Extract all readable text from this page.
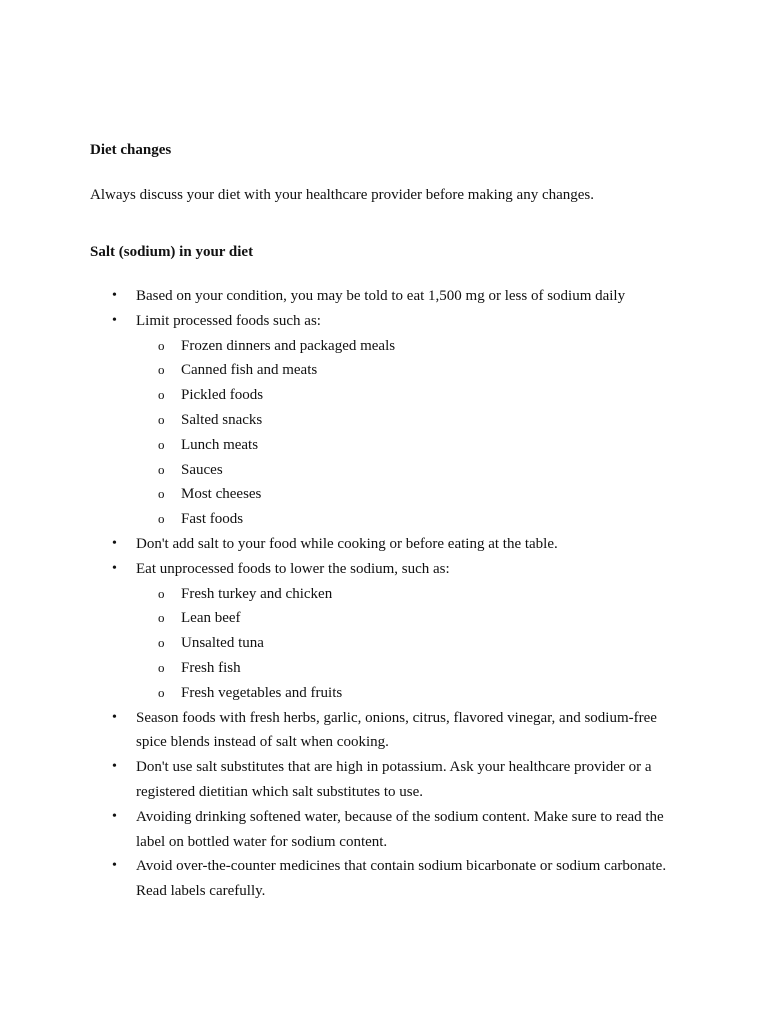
Diet changes

Always discuss your diet with your healthcare provider before making any changes.

Salt (sodium) in your diet
• Based on your condition, you may be told to eat 1,500 mg or less of sodium daily
• Limit processed foods such as:
o Frozen dinners and packaged meals
o Canned fish and meats
o Pickled foods
o Salted snacks
o Lunch meats
o Sauces
o Most cheeses
o Fast foods
• Don't add salt to your food while cooking or before eating at the table.
• Eat unprocessed foods to lower the sodium, such as:
o Fresh turkey and chicken
o Lean beef
o Unsalted tuna
o Fresh fish
o Fresh vegetables and fruits
• Season foods with fresh herbs, garlic, onions, citrus, flavored vinegar, and sodium-free spice blends instead of salt when cooking.
• Don't use salt substitutes that are high in potassium. Ask your healthcare provider or a registered dietitian which salt substitutes to use.
• Avoiding drinking softened water, because of the sodium content. Make sure to read the label on bottled water for sodium content.
• Avoid over-the-counter medicines that contain sodium bicarbonate or sodium carbonate. Read labels carefully.
